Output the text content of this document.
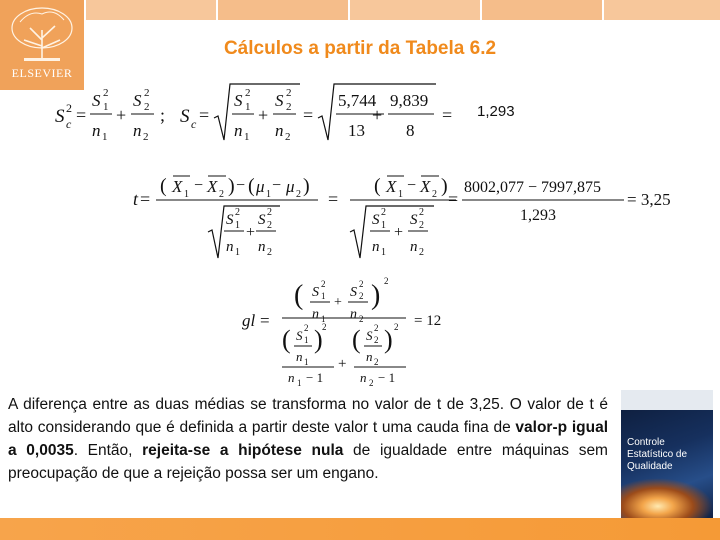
ELSEVIER
Cálculos a partir da Tabela 6.2
S 2
c =
S 2
1
n 1
+
S 2
2
n 2
; S c =
S 2
1
n 1
+
S 2
2
n 2
=
5,744
13
+
9,839
8
=
t =
( X 1
− X 2 ) − ( μ 1
− μ 2 )
S 2
1
n 1
+
S 2
2
n 2
=
( X 1
− X 2 )
S 2
1
n 1
+
S 2
2
n 2
=
8002,077 − 7997,875
1,293
= 3,25
gl =
( S
2
1
n 1
+
S
2
2
n 2
) 2
( S 2
1
n 1
) 2
n 1 − 1
+
( S 2
2
n 2
) 2
n 2 − 1
= 12
1,293
A diferença entre as duas médias se transforma no valor de t de 3,25. O valor de t é alto considerando que é definida a partir deste valor t uma cauda fina de valor-p igual a 0,0035. Então, rejeita-se a hipótese nula de igualdade entre máquinas sem preocupação de que a rejeição possa ser um engano.
Controle
Estatístico de
Qualidade
